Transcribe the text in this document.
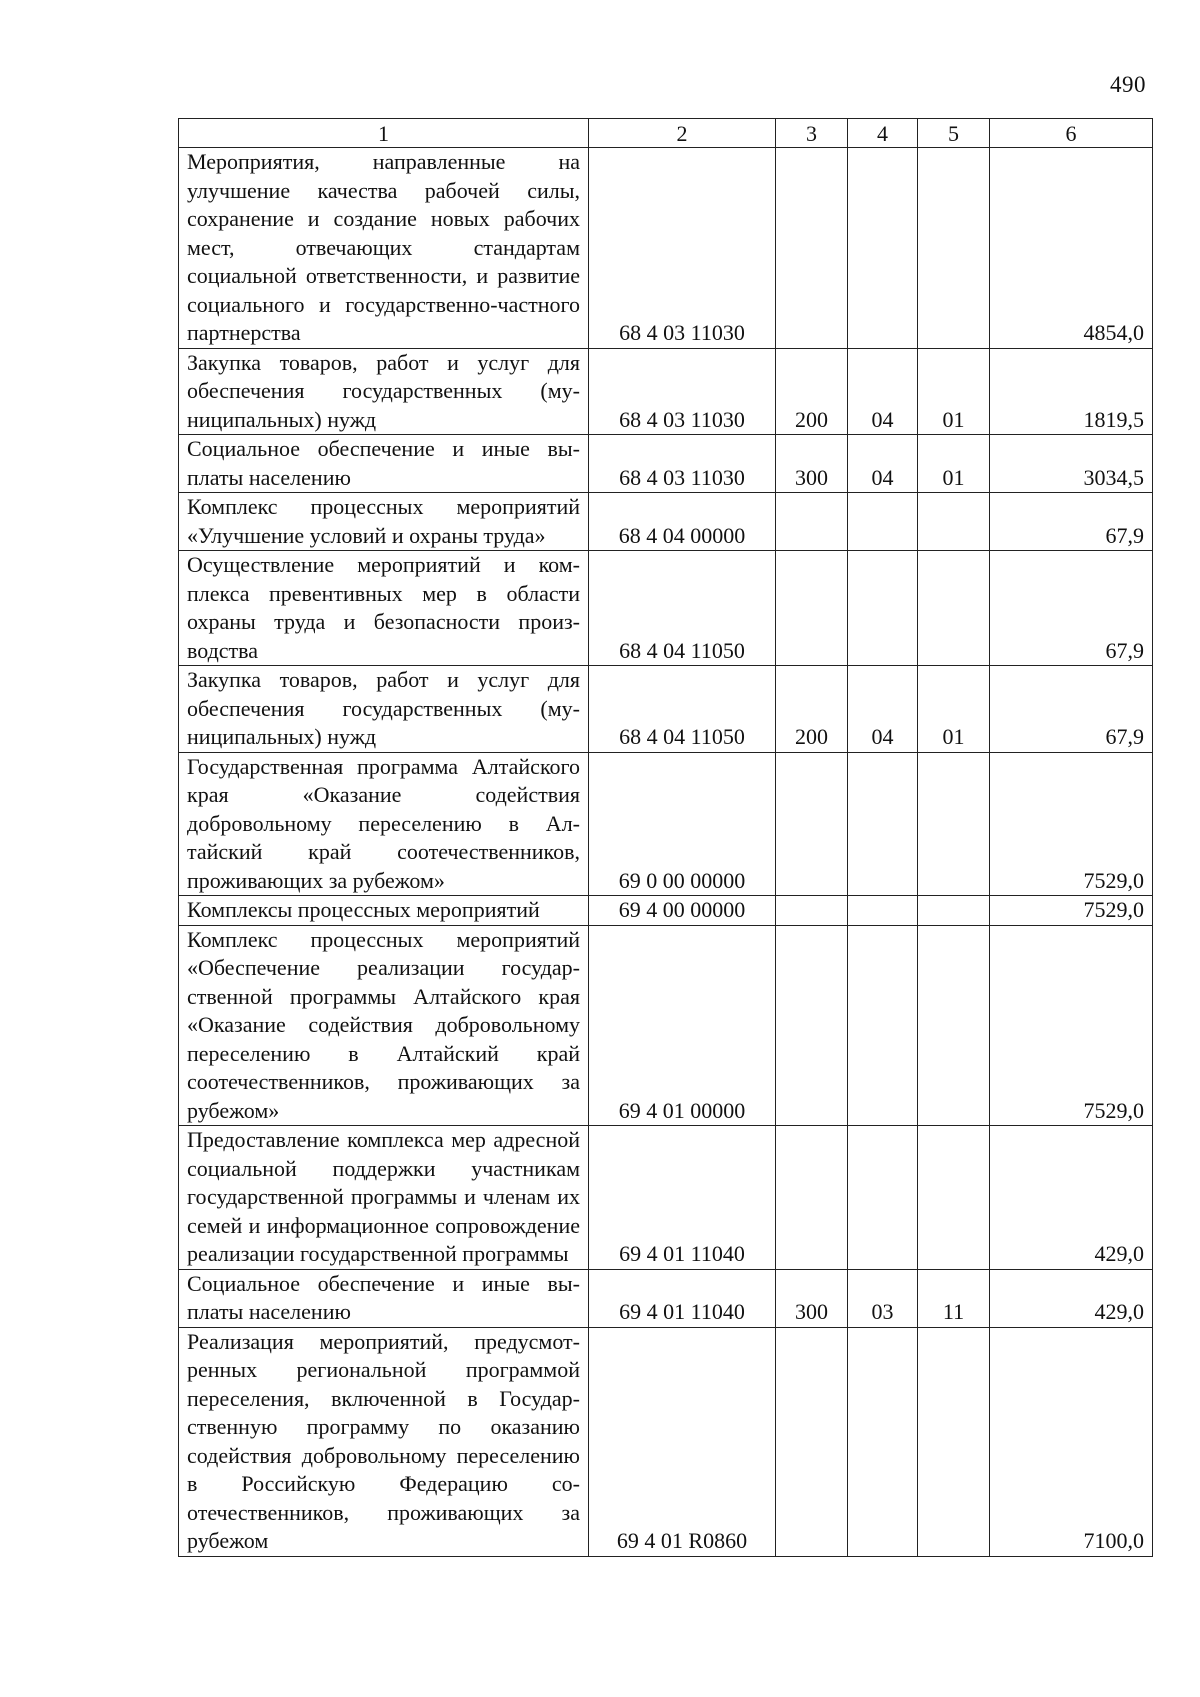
490
1	2	3	4	5	6
Мероприятия, направленные на улучшение качества рабочей силы, сохранение и создание новых рабочих мест, отвечающих стандартам социальной ответственности, и развитие социального и государственно-частного партнерства	68 4 03 11030				4854,0
Закупка товаров, работ и услуг для обеспечения государственных (муниципальных) нужд	68 4 03 11030	200	04	01	1819,5
Социальное обеспечение и иные выплаты населению	68 4 03 11030	300	04	01	3034,5
Комплекс процессных мероприятий «Улучшение условий и охраны труда»	68 4 04 00000				67,9
Осуществление мероприятий и комплекса превентивных мер в области охраны труда и безопасности производства	68 4 04 11050				67,9
Закупка товаров, работ и услуг для обеспечения государственных (муниципальных) нужд	68 4 04 11050	200	04	01	67,9
Государственная программа Алтайского края «Оказание содействия добровольному переселению в Алтайский край соотечественников, проживающих за рубежом»	69 0 00 00000				7529,0
Комплексы процессных мероприятий	69 4 00 00000				7529,0
Комплекс процессных мероприятий «Обеспечение реализации государственной программы Алтайского края «Оказание содействия добровольному переселению в Алтайский край соотечественников, проживающих за рубежом»	69 4 01 00000				7529,0
Предоставление комплекса мер адресной социальной поддержки участникам государственной программы и членам их семей и информационное сопровождение реализации государственной программы	69 4 01 11040				429,0
Социальное обеспечение и иные выплаты населению	69 4 01 11040	300	03	11	429,0
Реализация мероприятий, предусмотренных региональной программой переселения, включенной в Государственную программу по оказанию содействия добровольному переселению в Российскую Федерацию соотечественников, проживающих за рубежом	69 4 01 R0860				7100,0
